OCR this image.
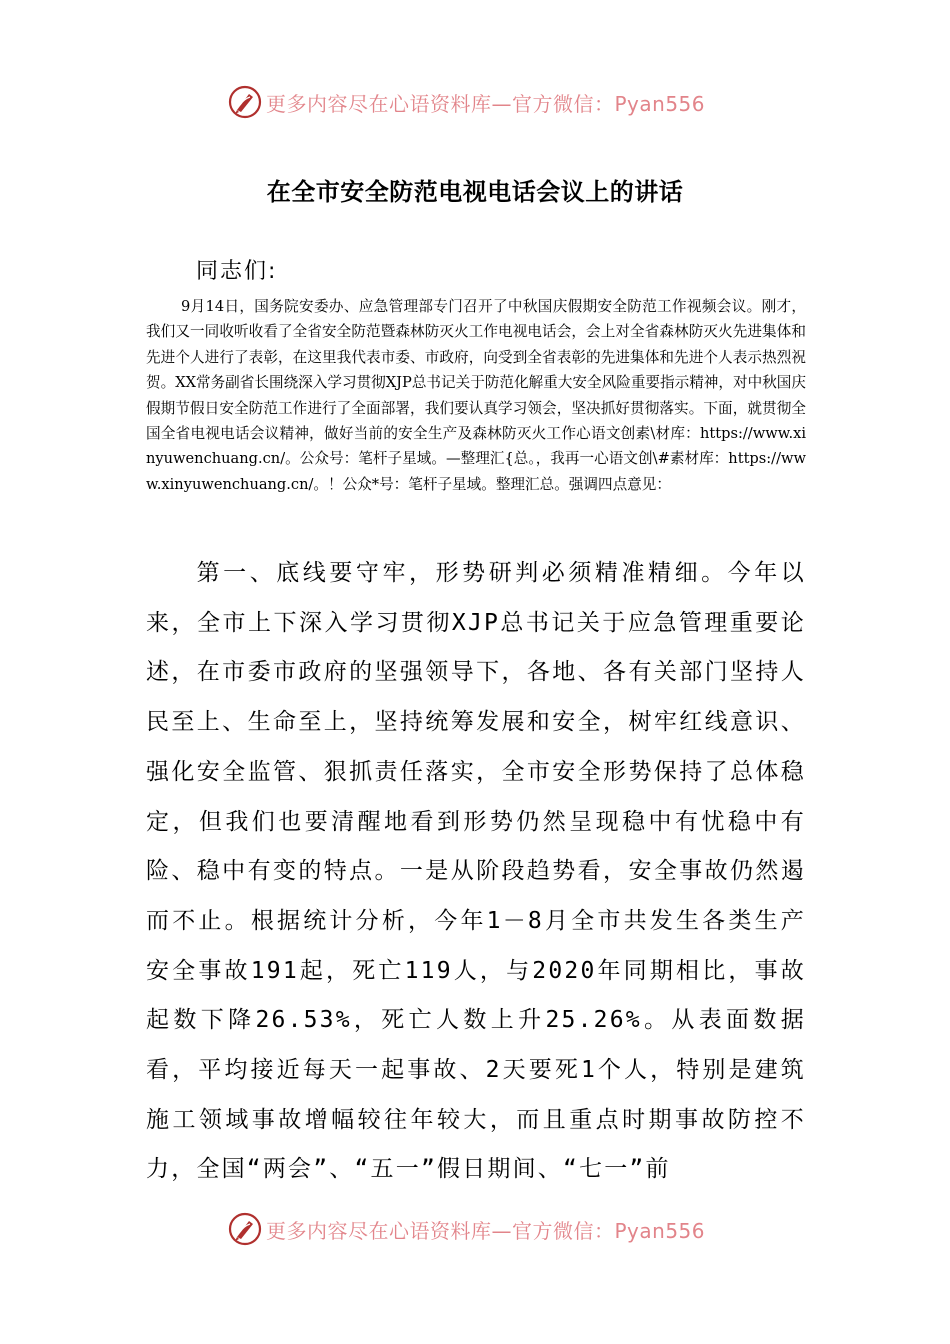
更多内容尽在心语资料库—官方微信：Pyan556
在全市安全防范电视电话会议上的讲话
同志们:
9月14日，国务院安委办、应急管理部专门召开了中秋国庆假期安全防范工作视频会议。刚才，我们又一同收听收看了全省安全防范暨森林防灭火工作电视电话会，会上对全省森林防灭火先进集体和先进个人进行了表彰，在这里我代表市委、市政府，向受到全省表彰的先进集体和先进个人表示热烈祝贺。XX常务副省长围绕深入学习贯彻XJP总书记关于防范化解重大安全风险重要指示精神，对中秋国庆假期节假日安全防范工作进行了全面部署，我们要认真学习领会，坚决抓好贯彻落实。下面，就贯彻全国全省电视电话会议精神，做好当前的安全生产及森林防灭火工作心语文创素\材库：https://www.xinyuwenchuang.cn/。公众号：笔杆子星域。—整理汇{总。，我再一心语文创\#素材库：https://www.xinyuwenchuang.cn/。！公众*号：笔杆子星域。整理汇总。强调四点意见：
第一、底线要守牢，形势研判必须精准精细。今年以来，全市上下深入学习贯彻XJP总书记关于应急管理重要论述，在市委市政府的坚强领导下，各地、各有关部门坚持人民至上、生命至上，坚持统筹发展和安全，树牢红线意识、强化安全监管、狠抓责任落实，全市安全形势保持了总体稳定，但我们也要清醒地看到形势仍然呈现稳中有忧稳中有险、稳中有变的特点。一是从阶段趋势看，安全事故仍然遏而不止。根据统计分析，今年1－8月全市共发生各类生产安全事故191起，死亡119人，与2020年同期相比，事故起数下降26.53%，死亡人数上升25.26%。从表面数据看，平均接近每天一起事故、2天要死1个人，特别是建筑施工领域事故增幅较往年较大，而且重点时期事故防控不力，全国“两会”、“五一”假日期间、“七一”前
更多内容尽在心语资料库—官方微信：Pyan556
